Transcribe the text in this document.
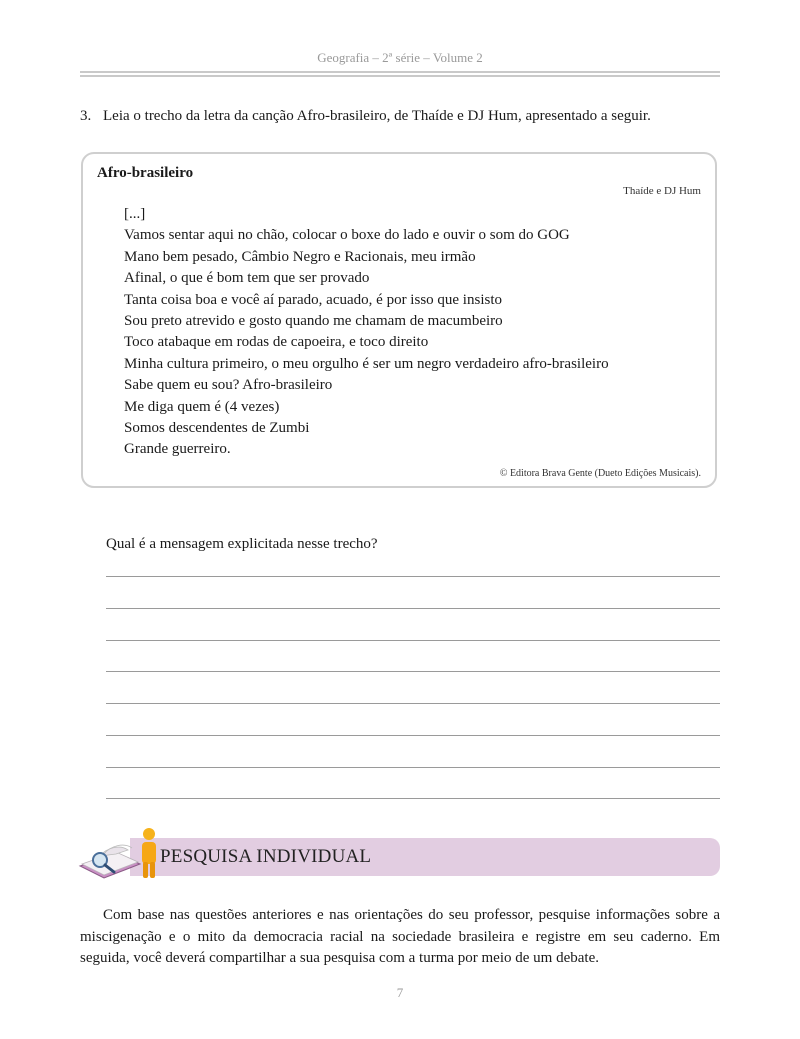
Geografia – 2ª série – Volume 2
3. Leia o trecho da letra da canção Afro-brasileiro, de Thaíde e DJ Hum, apresentado a seguir.
Afro-brasileiro
Thaíde e DJ Hum
[...]
Vamos sentar aqui no chão, colocar o boxe do lado e ouvir o som do GOG
Mano bem pesado, Câmbio Negro e Racionais, meu irmão
Afinal, o que é bom tem que ser provado
Tanta coisa boa e você aí parado, acuado, é por isso que insisto
Sou preto atrevido e gosto quando me chamam de macumbeiro
Toco atabaque em rodas de capoeira, e toco direito
Minha cultura primeiro, o meu orgulho é ser um negro verdadeiro afro-brasileiro
Sabe quem eu sou? Afro-brasileiro
Me diga quem é (4 vezes)
Somos descendentes de Zumbi
Grande guerreiro.
© Editora Brava Gente (Dueto Edições Musicais).
Qual é a mensagem explicitada nesse trecho?
PESQUISA INDIVIDUAL
Com base nas questões anteriores e nas orientações do seu professor, pesquise informações sobre a miscigenação e o mito da democracia racial na sociedade brasileira e registre em seu caderno. Em seguida, você deverá compartilhar a sua pesquisa com a turma por meio de um debate.
7
